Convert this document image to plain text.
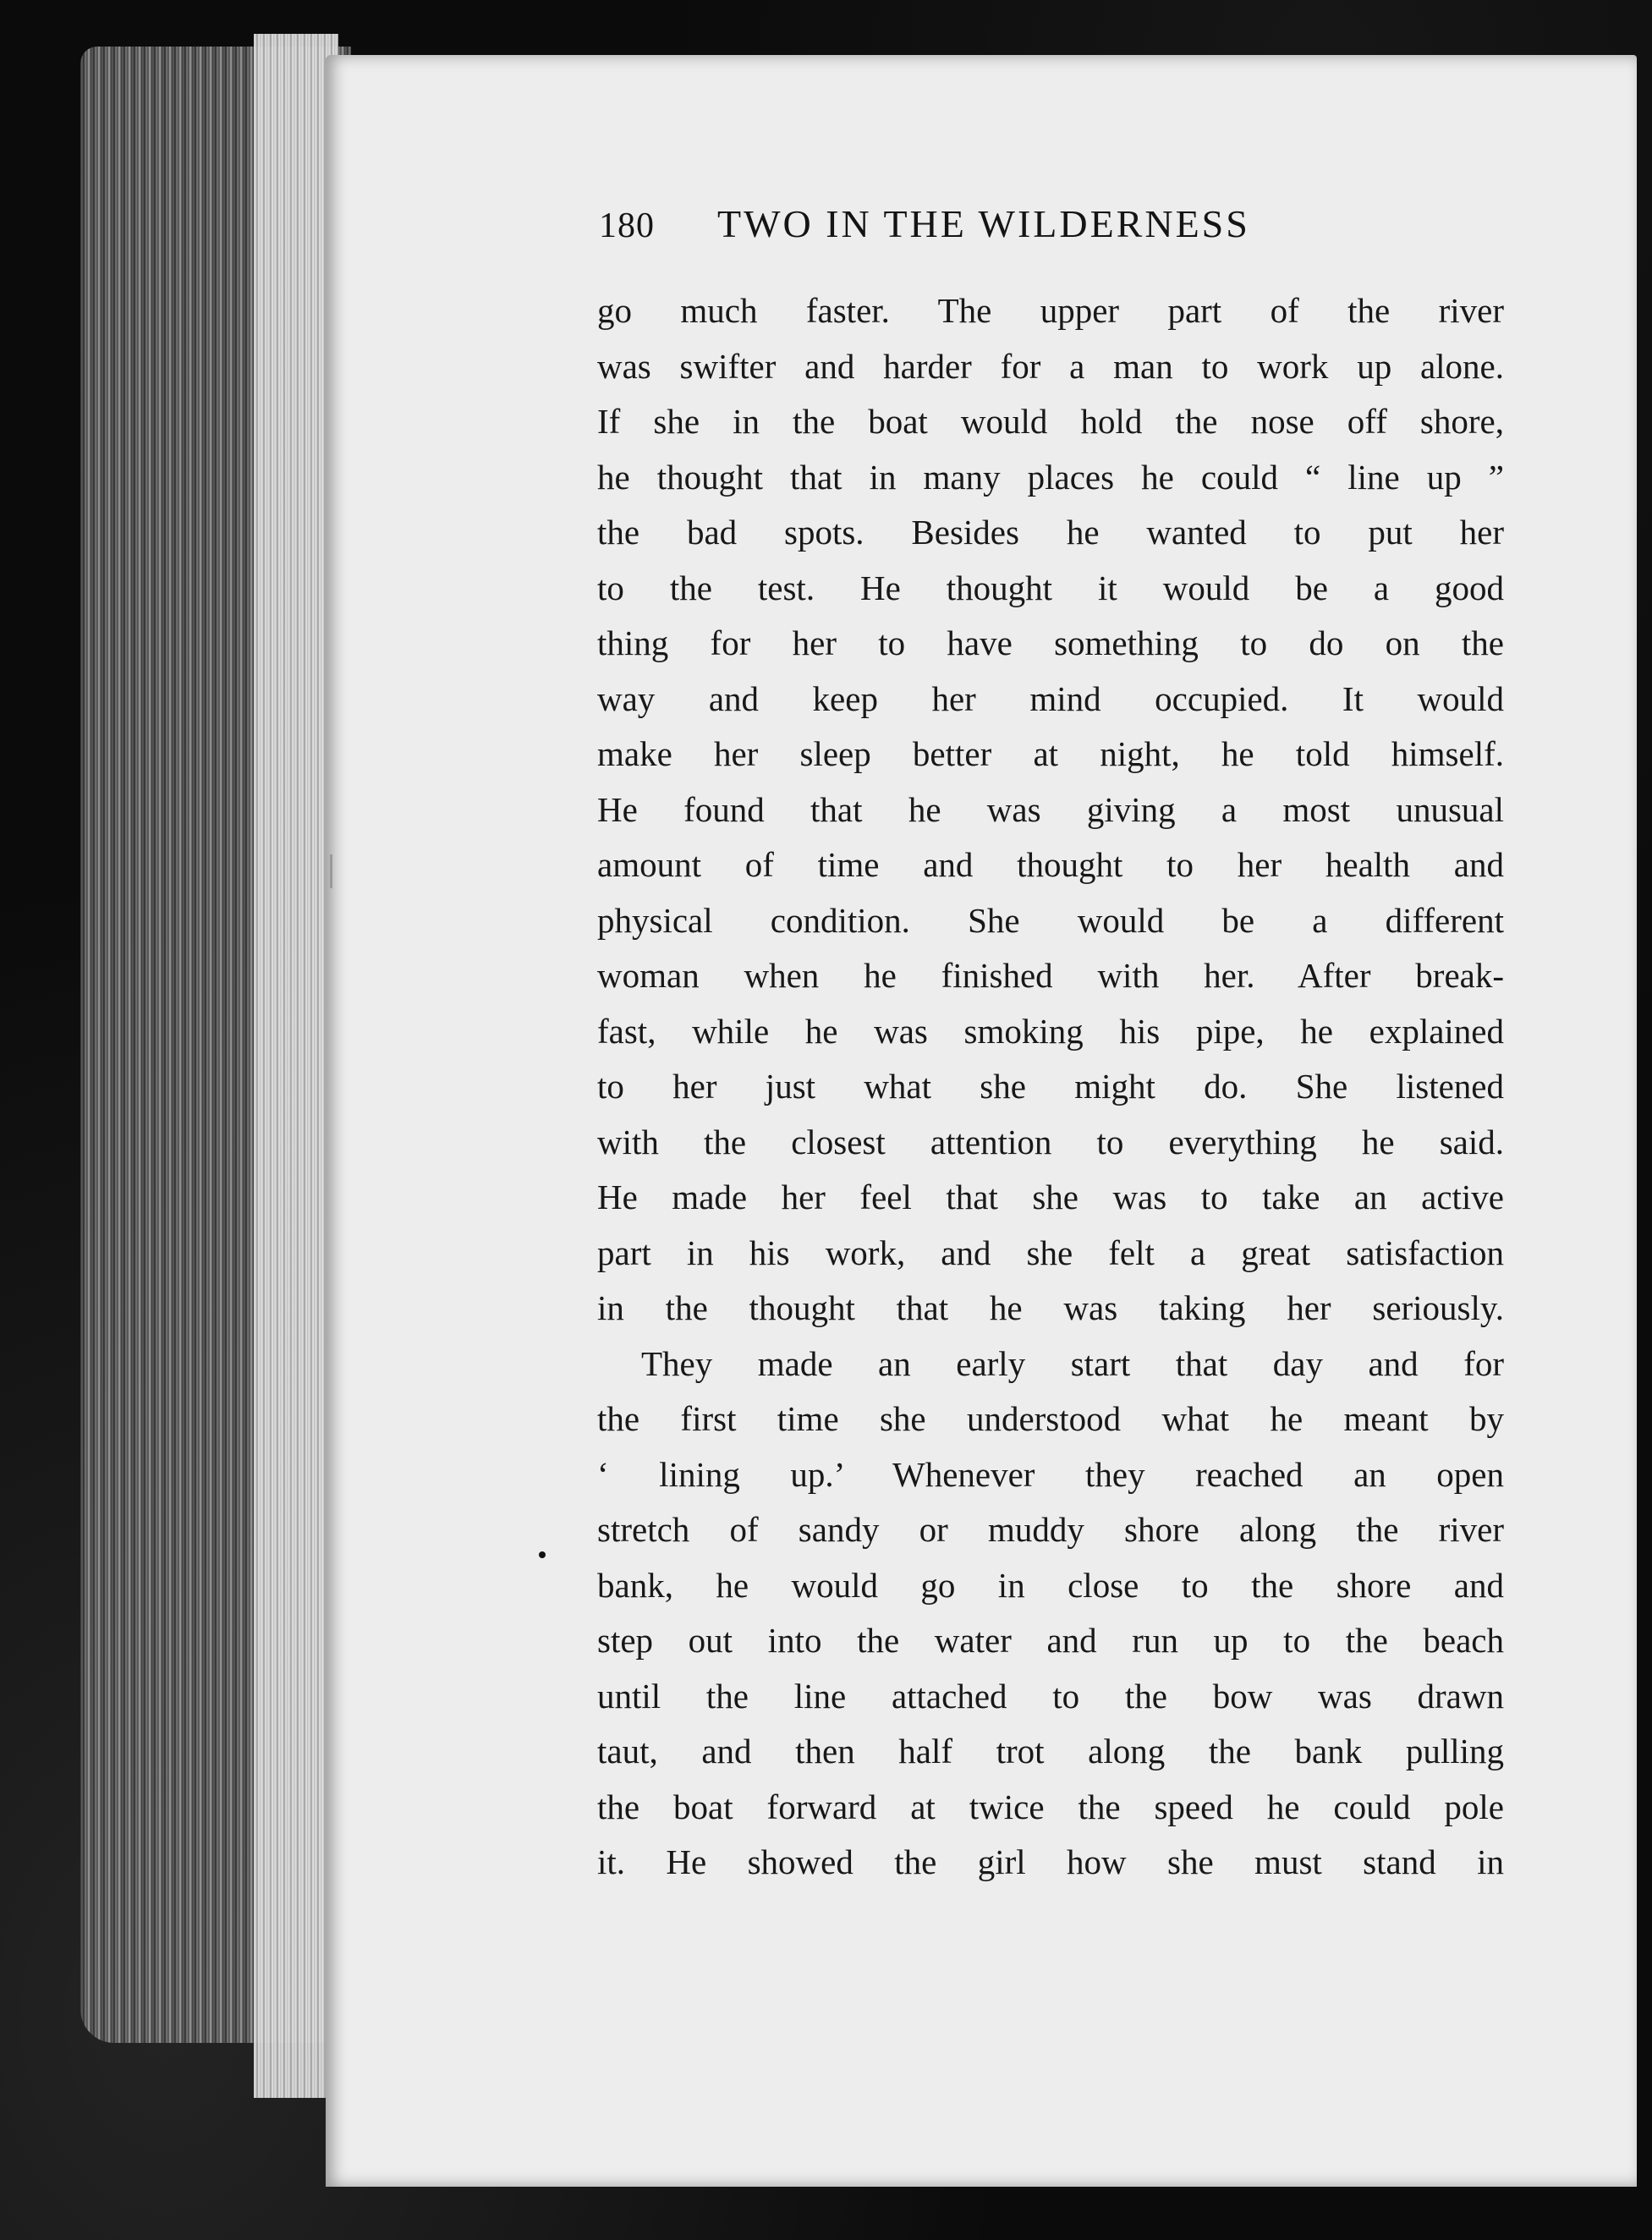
180	TWO IN THE WILDERNESS
go much faster. The upper part of the river
was swifter and harder for a man to work up alone.
If she in the boat would hold the nose off shore,
he thought that in many places he could “ line up ”
the bad spots. Besides he wanted to put her
to the test. He thought it would be a good
thing for her to have something to do on the
way and keep her mind occupied. It would
make her sleep better at night, he told himself.
He found that he was giving a most unusual
amount of time and thought to her health and
physical condition. She would be a different
woman when he finished with her. After break-
fast, while he was smoking his pipe, he explained
to her just what she might do. She listened
with the closest attention to everything he said.
He made her feel that she was to take an active
part in his work, and she felt a great satisfaction
in the thought that he was taking her seriously.
They made an early start that day and for
the first time she understood what he meant by
‘ lining up.’ Whenever they reached an open
stretch of sandy or muddy shore along the river
bank, he would go in close to the shore and
step out into the water and run up to the beach
until the line attached to the bow was drawn
taut, and then half trot along the bank pulling
the boat forward at twice the speed he could pole
it. He showed the girl how she must stand in
